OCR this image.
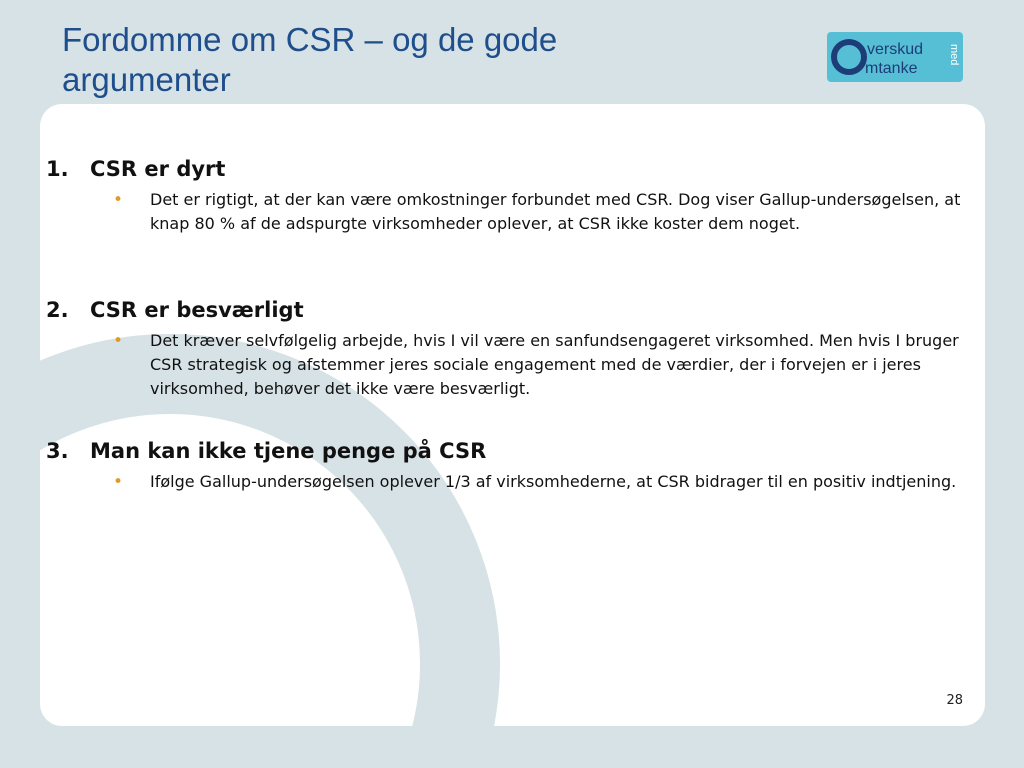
Fordomme om CSR – og de gode argumenter
verskud
mtanke
med
1.	CSR er dyrt
•	Det er rigtigt, at der kan være omkostninger forbundet med CSR. Dog viser Gallup-undersøgelsen, at knap 80 % af de adspurgte virksomheder oplever, at CSR ikke koster dem noget.
2.	CSR er besværligt
•	Det kræver selvfølgelig arbejde, hvis I vil være en sanfundsengageret virksomhed. Men hvis I bruger CSR strategisk og afstemmer jeres sociale engagement med de værdier, der i forvejen er i jeres virksomhed, behøver det ikke være besværligt.
3.	Man kan ikke tjene penge på CSR
•	Ifølge Gallup-undersøgelsen oplever 1/3 af virksomhederne, at CSR bidrager til en positiv indtjening.
28
